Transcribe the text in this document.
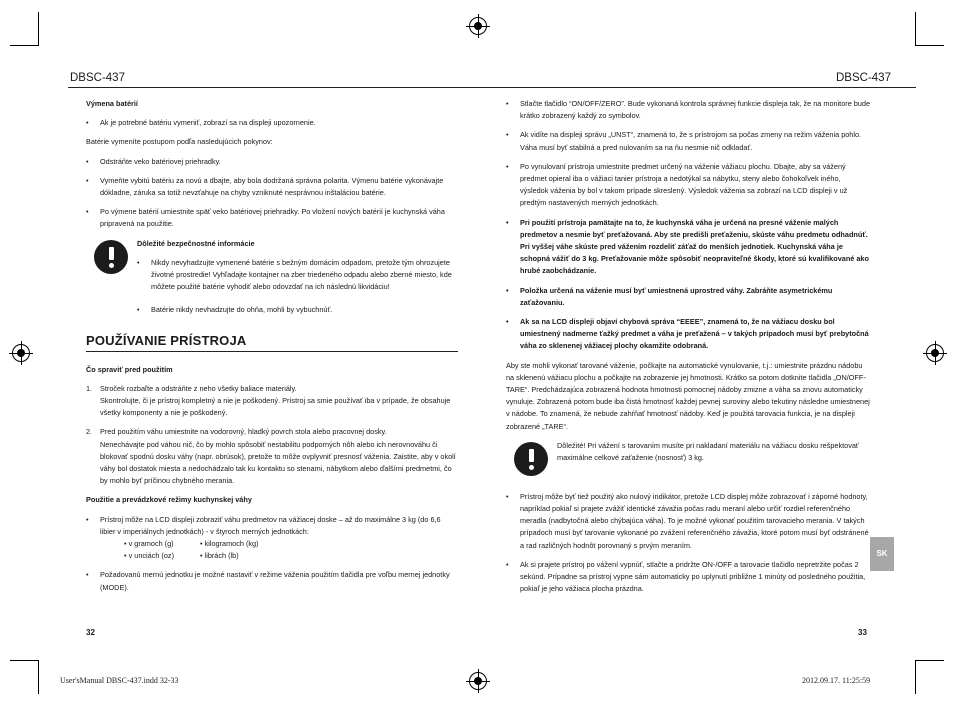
DBSC-437	DBSC-437

Výmena batérií

• Ak je potrebné batériu vymeniť, zobrazí sa na displeji upozornenie.

Batérie vymeníte postupom podľa nasledujúcich pokynov:

• Odstráňte veko batériovej priehradky.

• Vymeňte vybitú batériu za novú a dbajte, aby bola dodržaná správna polarita. Výmenu batérie vykonávajte dókladne, záruka sa totiž nevzťahuje na chyby vzniknuté nesprávnou inštaláciou batérie.

• Po výmene batérií umiestnite späť veko batériovej priehradky. Po vložení nových batérií je kuchynská váha pripravená na použitie.

Dôležité bezpečnostné informácie

• Nikdy nevyhadzujte vymenené batérie s bežným domácim odpadom, pretože tým ohrozujete životné prostredie! Vyhľadajte kontajner na zber triedeného odpadu alebo zberné miesto, kde môžete použité batérie vyhodiť alebo odovzdať na ich následnú likvidáciu!

• Batérie nikdy nevhadzujte do ohňa, mohli by vybuchnúť.

POUŽÍVANIE PRÍSTROJA

Čo spraviť pred použitím

1. Stroček rozbaľte a odstráňte z neho všetky baliace materiály.
Skontrolujte, či je prístroj kompletný a nie je poškodený. Prístroj sa smie používať iba v prípade, že obsahuje všetky komponenty a nie je poškodený.

2. Pred použitím váhu umiestnite na vodorovný, hladký povrch stola alebo pracovnej dosky.
Nenechávajte pod váhou nič, čo by mohlo spôsobiť nestabilitu podporných nôh alebo ich nerovnováhu či blokovať spodnú dosku váhy (napr. obrúsok), pretože to môže ovplyvniť presnosť váženia. Zaistite, aby v okolí váhy bol dostatok miesta a nedochádzalo tak ku kontaktu so stenami, nábytkom alebo ďalšími predmetmi, čo by mohlo byť príčinou chybného merania.

Použitie a prevádzkové režimy kuchynskej váhy

• Prístroj môže na LCD displeji zobraziť váhu predmetov na vážiacej doske – až do maximálne 3 kg (do 6,6 libier v imperiálnych jednotkách) - v štyroch merných jednotkách:

• v gramoch (g)	• kilogramoch (kg)
• v unciách (oz)	• librách (lb)

• Požadovanú mernú jednotku je možné nastaviť v režime váženia použitím tlačidla pre voľbu mernej jednotky (MODE).

• Stlačte tlačidlo “ON/OFF/ZERO”. Bude vykonaná kontrola správnej funkcie displeja tak, že na monitore bude krátko zobrazený každý zo symbolov.

• Ak vidíte na displeji správu „UNST“, znamená to, že s prístrojom sa počas zmeny na režim váženia pohlo. Váha musí byť stabilná a pred nulovaním sa na ňu nesmie nič odkladať.

• Po vynulovaní prístroja umiestnite predmet určený na váženie vážiacu plochu. Dbajte, aby sa vážený predmet opieral iba o vážiaci tanier prístroja a nedotýkal sa nábytku, steny alebo čohokoľvek iného, výsledok váženia by bol v takom prípade skreslený. Výsledok váženia sa zobrazí na LCD displeji v už predtým nastavených merných jednotkách.

• Pri použití prístroja pamätajte na to, že kuchynská váha je určená na presné váženie malých predmetov a nesmie byť preťažovaná. Aby ste predišli preťaženiu, skúste váhu predmetu odhadnúť. Pri vyššej váhe skúste pred vážením rozdeliť záťaž do menších jednotiek. Kuchynská váha je schopná vážiť do 3 kg. Preťažovanie môže spôsobiť neopraviteľné škody, ktoré sú kvalifikované ako hrubé zaobchádzanie.

• Položka určená na váženie musí byť umiestnená uprostred váhy. Zabráňte asymetrickému zaťažovaniu.

• Ak sa na LCD displeji objaví chybová správa “EEEE”, znamená to, že na vážiacu dosku bol umiestnený nadmerne ťažký predmet a váha je preťažená – v takých prípadoch musí byť prebytočná váha zo sklenenej vážiacej plochy okamžite odobraná.

Aby ste mohli vykonať tarované váženie, počkajte na automatické vynulovanie, t.j.: umiestnite prázdnu nádobu na sklenenú vážiacu plochu a počkajte na zobrazenie jej hmotnosti. Krátko sa potom dotknite tlačidla „ON/OFF-TARE“. Predchádzajúca zobrazená hodnota hmotnosti pomocnej nádoby zmizne a váha sa znovu automaticky vynuluje. Zobrazená potom bude iba čistá hmotnosť každej pevnej suroviny alebo tekutiny následne umiestnenej v nádobe. To znamená, že nebude zahŕňať hmotnosť nádoby. Keď je použitá tarovacia funkcia, je na displeji zobrazené „TARE“.

Dôležité! Pri vážení s tarovaním musíte pri nakladaní materiálu na vážiacu dosku rešpektovať maximálne celkové zaťaženie (nosnosť) 3 kg.

• Prístroj môže byť tiež použitý ako nulový indikátor, pretože LCD displej môže zobrazovať i záporné hodnoty, napríklad pokiaľ si prajete zvážiť identické závažia počas radu meraní alebo určiť rozdiel referenčného meradla (nadbytočná alebo chýbajúca váha). To je možné vykonať použitím tarovacieho merania. V takých prípadoch musí byť tarovanie vykonané po zvážení referenčného závažia, ktoré potom musí byť odstránené a rad različných hodnôt porovnaný s prvým meraním.

• Ak si prajete prístroj po vážení vypnúť, stlačte a pridržte ON-/OFF a tarovacie tlačidlo nepretržite počas 2 sekúnd. Prípadne sa prístroj vypne sám automaticky po uplynutí približne 1 minúty od posledného použitia, pokiaľ je jeho vážiaca plocha prázdna.

SK
32	33
User'sManual DBSC-437.indd 32-33	2012.09.17. 11:25:59
